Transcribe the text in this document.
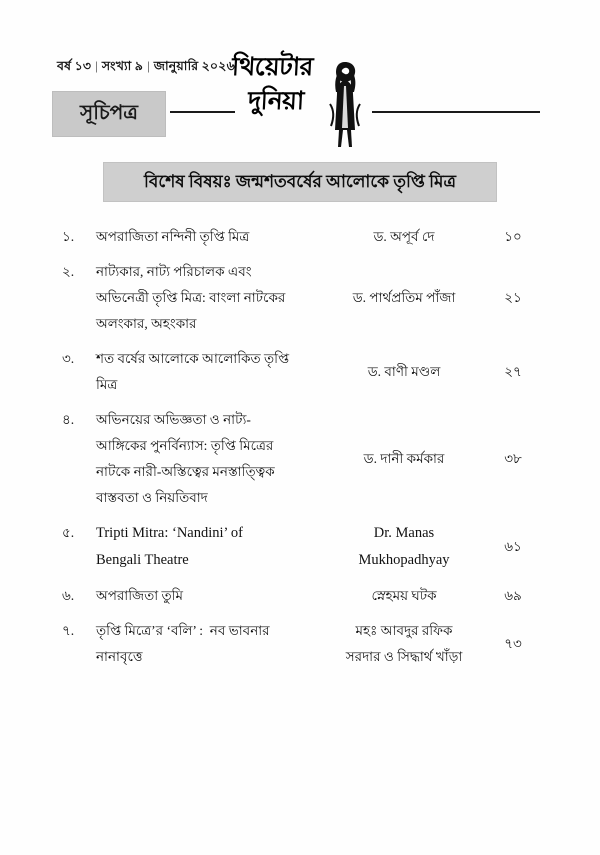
বর্ষ ১৩ | সংখ্যা ৯ | জানুয়ারি ২০২৬
সূচিপত্র
থিয়েটার
দুনিয়া
বিশেষ বিষয়ঃ জন্মশতবর্ষের আলোকে তৃপ্তি মিত্র
১.	অপরাজিতা নন্দিনী তৃপ্তি মিত্র	ড. অপূর্ব দে	১০
২.	নাট্যকার, নাট্য পরিচালক এবং
অভিনেত্রী তৃপ্তি মিত্র: বাংলা নাটকের
অলংকার, অহংকার
ড. পার্থপ্রতিম পাঁজা	২১
৩.	শত বর্ষের আলোকে আলোকিত তৃপ্তি
মিত্র
ড. বাণী মণ্ডল	২৭
৪.	অভিনয়ের অভিজ্ঞতা ও নাট্য-
আঙ্গিকের পুনর্বিন্যাস: তৃপ্তি মিত্রের
নাটকে নারী-অস্তিত্বের মনস্তাত্ত্বিক
বাস্তবতা ও নিয়তিবাদ
ড. দানী কর্মকার	৩৮
৫.	Tripti Mitra: ‘Nandini’ of
Bengali Theatre
Dr. Manas
Mukhopadhyay
৬১
৬.	অপরাজিতা তুমি	স্নেহময় ঘটক	৬৯
৭.	তৃপ্তি মিত্রে’র ‘বলি’ :  নব ভাবনার
নানাবৃত্তে
মহঃ আবদুর রফিক
সরদার ও সিদ্ধার্থ খাঁড়া
৭৩
